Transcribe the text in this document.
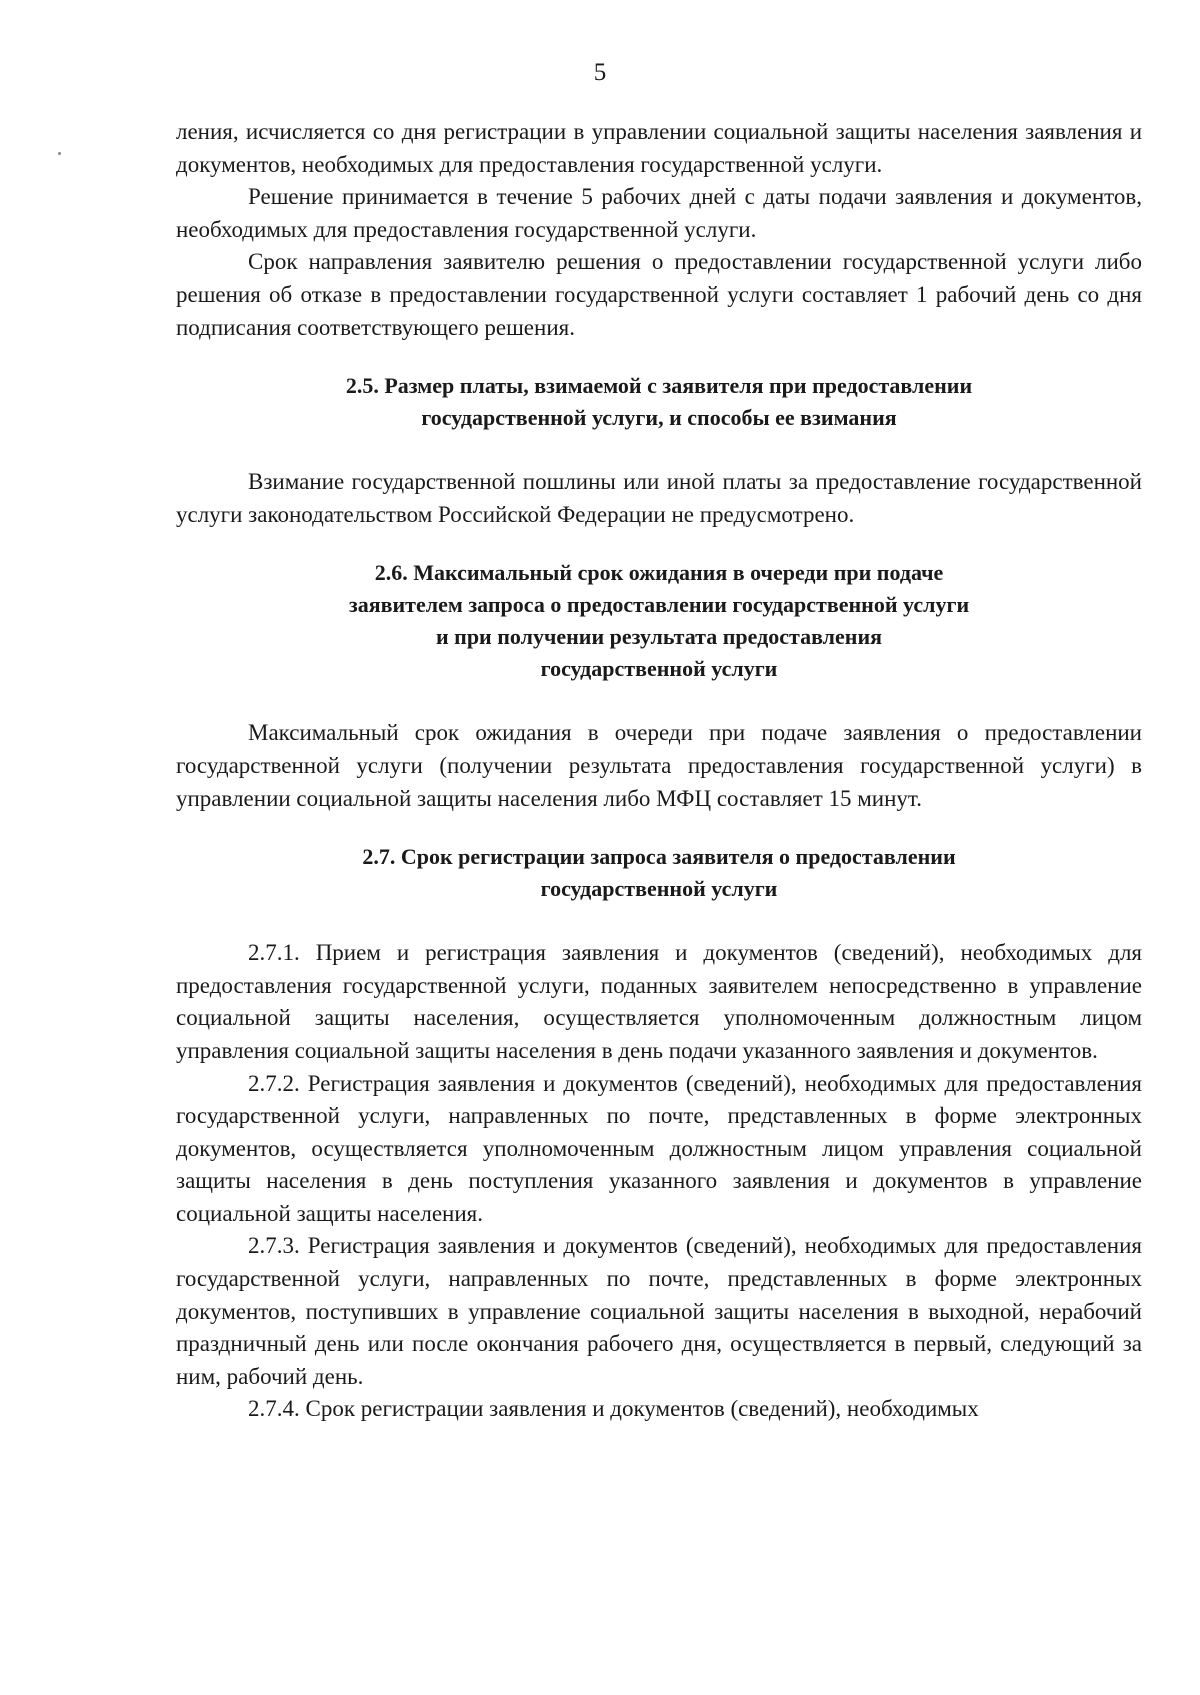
5

ления, исчисляется со дня регистрации в управлении социальной защиты населения заявления и документов, необходимых для предоставления государственной услуги.

Решение принимается в течение 5 рабочих дней с даты подачи заявления и документов, необходимых для предоставления государственной услуги.

Срок направления заявителю решения о предоставлении государственной услуги либо решения об отказе в предоставлении государственной услуги составляет 1 рабочий день со дня подписания соответствующего решения.

2.5. Размер платы, взимаемой с заявителя при предоставлении
государственной услуги, и способы ее взимания

Взимание государственной пошлины или иной платы за предоставление государственной услуги законодательством Российской Федерации не предусмотрено.

2.6. Максимальный срок ожидания в очереди при подаче
заявителем запроса о предоставлении государственной услуги
и при получении результата предоставления
государственной услуги

Максимальный срок ожидания в очереди при подаче заявления о предоставлении государственной услуги (получении результата предоставления государственной услуги) в управлении социальной защиты населения либо МФЦ составляет 15 минут.

2.7. Срок регистрации запроса заявителя о предоставлении
государственной услуги

2.7.1. Прием и регистрация заявления и документов (сведений), необходимых для предоставления государственной услуги, поданных заявителем непосредственно в управление социальной защиты населения, осуществляется уполномоченным должностным лицом управления социальной защиты населения в день подачи указанного заявления и документов.

2.7.2. Регистрация заявления и документов (сведений), необходимых для предоставления государственной услуги, направленных по почте, представленных в форме электронных документов, осуществляется уполномоченным должностным лицом управления социальной защиты населения в день поступления указанного заявления и документов в управление социальной защиты населения.

2.7.3. Регистрация заявления и документов (сведений), необходимых для предоставления государственной услуги, направленных по почте, представленных в форме электронных документов, поступивших в управление социальной защиты населения в выходной, нерабочий праздничный день или после окончания рабочего дня, осуществляется в первый, следующий за ним, рабочий день.

2.7.4. Срок регистрации заявления и документов (сведений), необходимых
